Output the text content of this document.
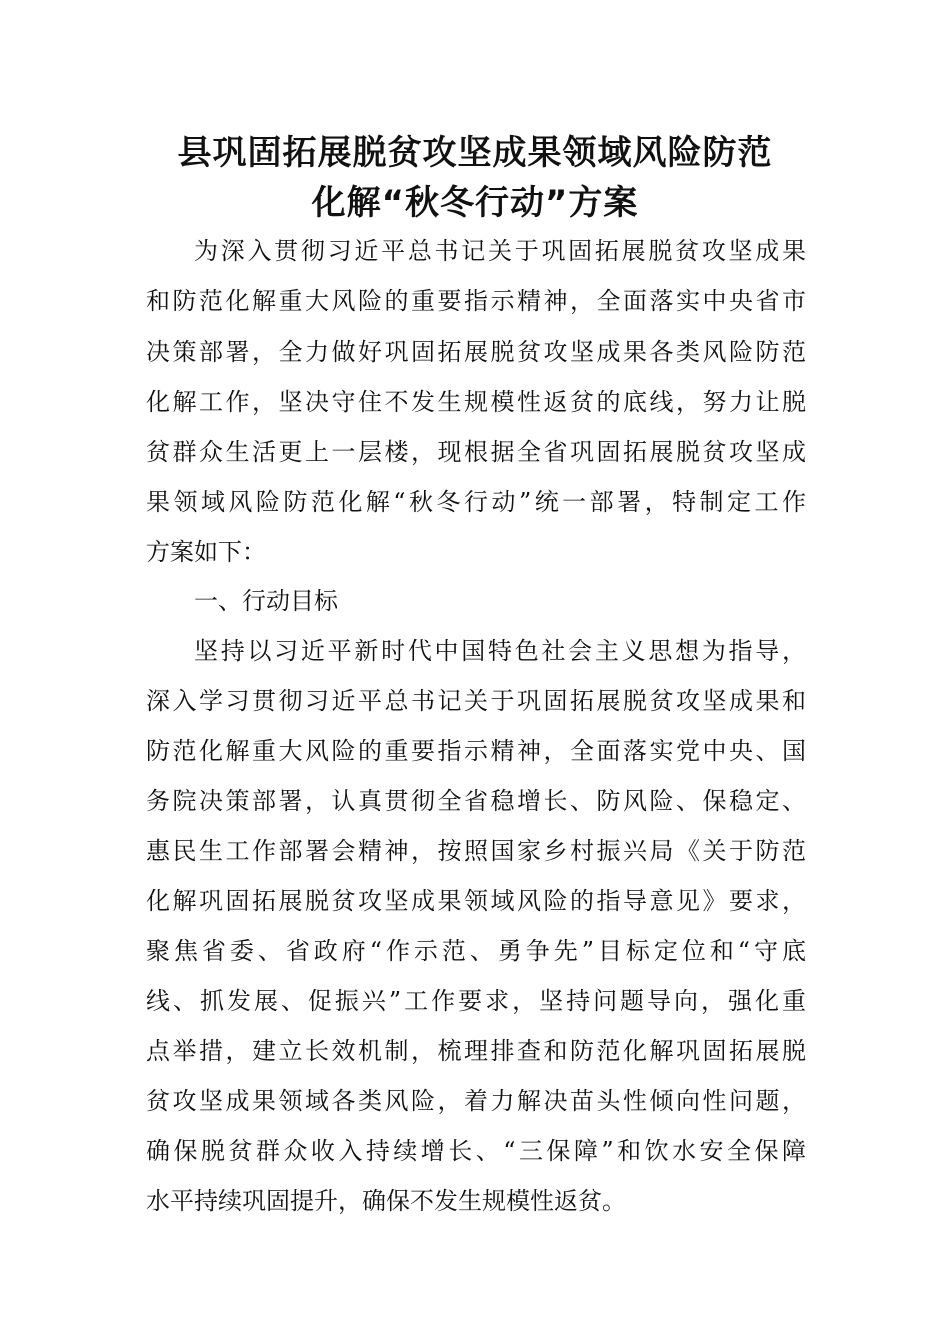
县巩固拓展脱贫攻坚成果领域风险防范
化解“秋冬行动”方案
为深入贯彻习近平总书记关于巩固拓展脱贫攻坚成果
和防范化解重大风险的重要指示精神，全面落实中央省市
决策部署，全力做好巩固拓展脱贫攻坚成果各类风险防范
化解工作，坚决守住不发生规模性返贫的底线，努力让脱
贫群众生活更上一层楼，现根据全省巩固拓展脱贫攻坚成
果领域风险防范化解“秋冬行动”统一部署，特制定工作
方案如下：
一、行动目标
坚持以习近平新时代中国特色社会主义思想为指导，
深入学习贯彻习近平总书记关于巩固拓展脱贫攻坚成果和
防范化解重大风险的重要指示精神，全面落实党中央、国
务院决策部署，认真贯彻全省稳增长、防风险、保稳定、
惠民生工作部署会精神，按照国家乡村振兴局《关于防范
化解巩固拓展脱贫攻坚成果领域风险的指导意见》要求，
聚焦省委、省政府“作示范、勇争先”目标定位和“守底
线、抓发展、促振兴”工作要求，坚持问题导向，强化重
点举措，建立长效机制，梳理排查和防范化解巩固拓展脱
贫攻坚成果领域各类风险，着力解决苗头性倾向性问题，
确保脱贫群众收入持续增长、“三保障”和饮水安全保障
水平持续巩固提升，确保不发生规模性返贫。
